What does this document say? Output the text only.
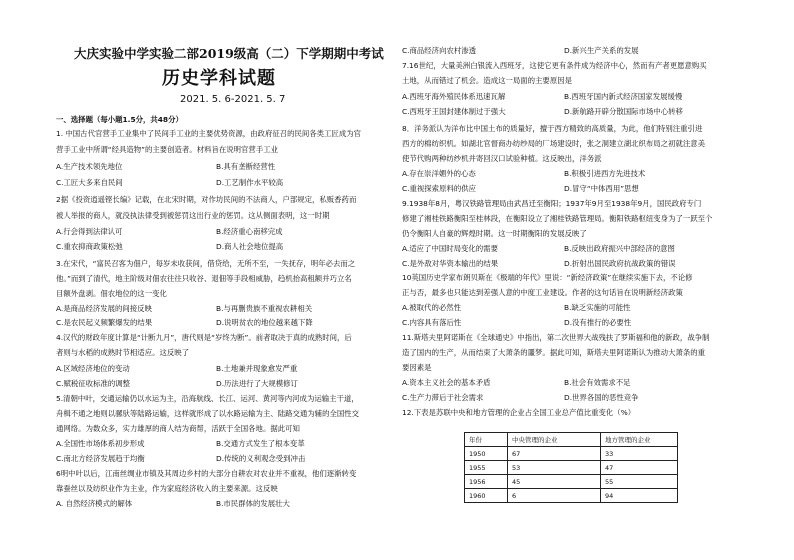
大庆实验中学实验二部2019级高（二）下学期期中考试
历史学科试题
2021. 5. 6-2021. 5. 7
一、选择题（每小题1.5分，共48分）
1. 中国古代官营手工业集中了民间手工业的主要优势资源，由政府征召的民间各类工匠成为官
营手工业中所谓“经具造物”的主要创造者。材料旨在说明官营手工业
A.生产技术领先地位	B.具有垄断经营性
C.工匠大多来自民间	D.工艺制作水平较高
2据《投资逍遥铿长编》记载，在北宋时期，对作坊民间的不法商人，户部规定，私贩香药而
被人举报的商人，就没执法律受到被惩罚这出行业的惩罚。这从侧面表明，这一时期
A.行会得到法律认可	B.经济重心南移完成
C.重农抑商政策松弛	D.商人社会地位提高
3.在宋代，“富民召客为佃户，每岁未收获间，借贷给，无所不至，一失抚存，明年必去而之
他。”而到了清代，地主阶级对佃农往往只收谷、退佃等手段相威胁，趋机抬高租额并巧立名
目额外盘剥。佃农地位的这一变化
A.是商品经济发展的间接反映	B.与再删贵族不重视农耕相关
C.是农民起义频繁爆发的结果	D.说明贫农的地位越来越下降
4.汉代的财政年度计算是“计断九月”，唐代则是“岁终为断”。前者取决于真的成熟时间，后
者则与水稻的成熟时节相适应。这反映了
A.区域经济地位的变动	B.土地兼并现象愈发严重
C.赋税征收标准的调整	D.历法进行了大规模修订
5.清朝中叶，交通运输仍以水运为主，沿海航线、长江、运河、黄河等内河成为运输主干道，
舟楫不通之地则以骡驮等陆路运输，这样就形成了以水路运输为主、陆路交通为辅的全国性交
通网络。为数众多，实力雄厚的商人结为商帮，活跃于全国各地。据此可知
A.全国性市场体系初步形成	B.交通方式发生了根本变革
C.南北方经济发展趋于均衡	D.传统的义利观念受到冲击
6明中叶以后，江南丝绸业市镇及其周边乡村的大部分自耕农对农业并不重视，他们逐渐转变
靠蚕丝以及纺织业作为主业，作为家庭经济收入的主要来源。这反映
A. 自然经济模式的解体	B.市民群体的发展壮大
C.商品经济向农村渗透	D.新兴生产关系的发展
7.16世纪，大量美洲白银流入西班牙，这使它更有条件成为经济中心，然而有产者更愿意购买
土地，从而错过了机会。造成这一局面的主要原因是
A.西班牙海外殖民体系迅速瓦解	B.西班牙国内新式经济国家发展缓慢
C.西班牙王国封建体制过于强大	D.新航路开辟分散国际市场中心转移
8．洋务派认为洋布比中国土布的质量好，擅于西方精致的高质量，为此，他们特别注重引进
西方的棉纺织机。如湖北官督商办纺纱局的厂场建设时，张之洞建立湖北织布局之初就注意美
使节代购两种纺纱机并寄回汉口试验种植。这反映出，洋务派
A.存在崇洋媚外的心态	B.积极引进西方先进技术
C.重视探索原料的供应	D.冒守“中体西用”思想
9.1938年8月，粤汉铁路管理局由武昌迁至衡阳；1937年9月至1938年9月，国民政府专门
修建了湘桂铁路衡阳至桂林段，在衡阳设立了湘桂铁路管理局。衡阳铁路枢纽变身为了一跃至个
仍令衡阳人自豪的辉煌时期。这一时期衡阳的发展反映了
A.适应了中国时局变化的需要	B.反映出政府振兴中部经济的意图
C.是外敌对华资本输出的结果	D.折射出国民政府抗战政策的错误
10英国历史学家布朗贝斯在《极端的年代》里说：“新经济政策”在继续实施下去，不论修
正与否，最多也只能达到差强人意的中度工业建设。作者的这句话旨在说明新经济政策
A.被取代的必然性	B.缺乏实施的可能性
C.内容具有落后性	D.没有推行的必要性
11.斯塔夫里阿诺斯在《全球通史》中指出，第二次世界大战残扶了罗斯福和他的新政，战争制
造了国内的生产，从而结束了大萧条的噩梦。据此可知，斯塔夫里阿诺斯认为推动大萧条的重
要因素是
A.资本主义社会的基本矛盾	B.社会有效需求不足
C.生产力滞后于社会需求	D.世界各国的恶性竞争
12.下表是苏联中央和地方管理的企业占全国工业总产值比重变化（%）
年份	中央管理的企业	地方管理的企业
1950	67	33
1955	53	47
1956	45	55
1960	6	94
